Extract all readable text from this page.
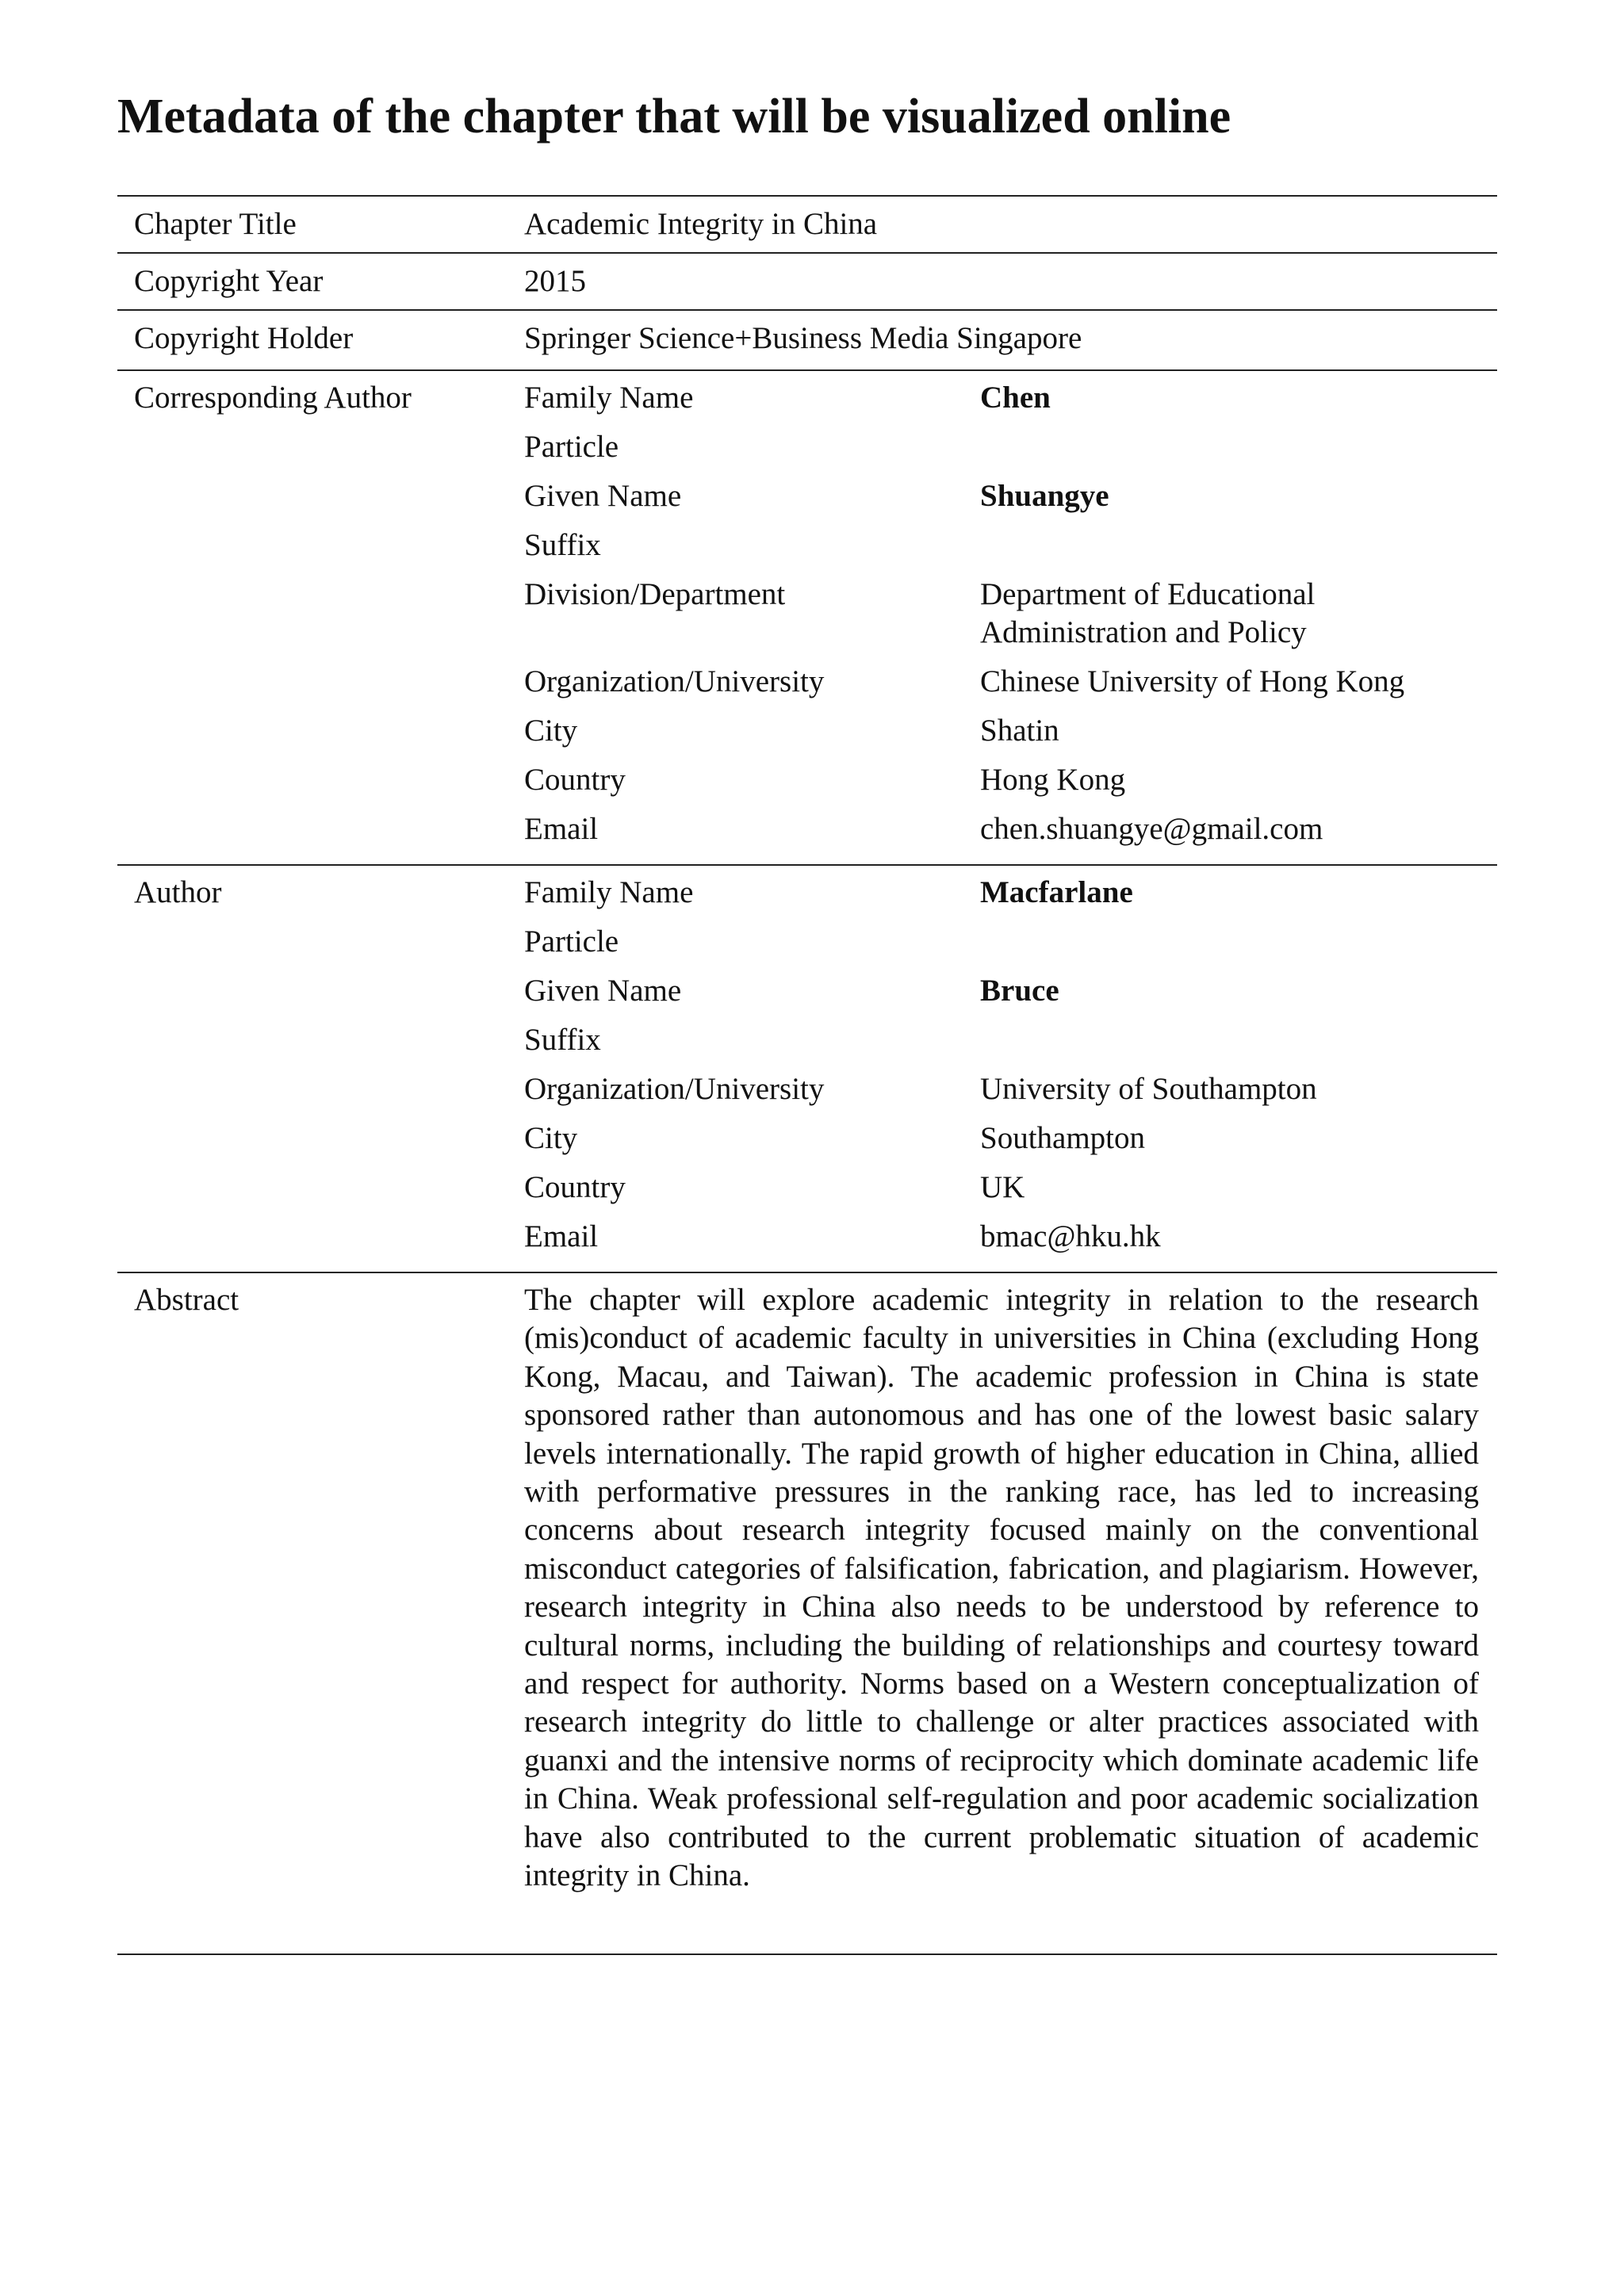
Metadata of the chapter that will be visualized online
Chapter Title	Academic Integrity in China
Copyright Year	2015
Copyright Holder	Springer Science+Business Media Singapore
Corresponding Author	Family Name	Chen
Particle
Given Name	Shuangye
Suffix
Division/Department	Department of Educational Administration and Policy
Organization/University	Chinese University of Hong Kong
City	Shatin
Country	Hong Kong
Email	chen.shuangye@gmail.com
Author	Family Name	Macfarlane
Particle
Given Name	Bruce
Suffix
Organization/University	University of Southampton
City	Southampton
Country	UK
Email	bmac@hku.hk
Abstract	The chapter will explore academic integrity in relation to the research (mis)conduct of academic faculty in universities in China (excluding Hong Kong, Macau, and Taiwan). The academic profession in China is state sponsored rather than autonomous and has one of the lowest basic salary levels internationally. The rapid growth of higher education in China, allied with performative pressures in the ranking race, has led to increasing concerns about research integrity focused mainly on the conventional misconduct categories of falsification, fabrication, and plagiarism. However, research integrity in China also needs to be understood by reference to cultural norms, including the building of relationships and courtesy toward and respect for authority. Norms based on a Western conceptualization of research integrity do little to challenge or alter practices associated with guanxi and the intensive norms of reciprocity which dominate academic life in China. Weak professional self-regulation and poor academic socialization have also contributed to the current problematic situation of academic integrity in China.
